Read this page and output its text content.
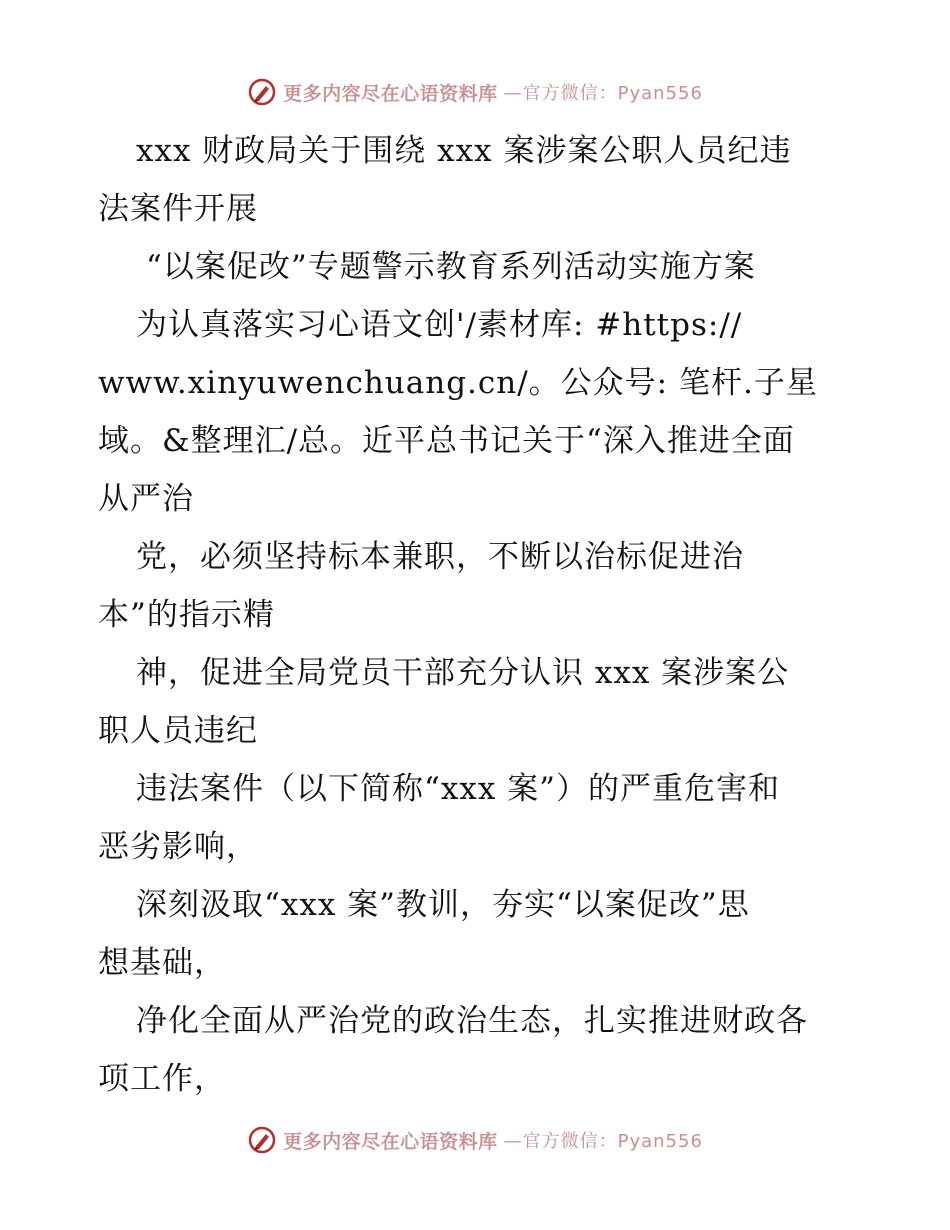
更多内容尽在心语资料库 —官方微信：Pyan556
xxx 财政局关于围绕 xxx 案涉案公职人员纪违
法案件开展
“以案促改”专题警示教育系列活动实施方案
为认真落实习心语文创'/素材库: #https://
www.xinyuwenchuang.cn/。公众号: 笔杆.子星
域。&整理汇/总。近平总书记关于“深入推进全面
从严治
党，必须坚持标本兼职，不断以治标促进治
本”的指示精
神，促进全局党员干部充分认识 xxx 案涉案公
职人员违纪
违法案件（以下简称“xxx 案”）的严重危害和
恶劣影响，
深刻汲取“xxx 案”教训，夯实“以案促改”思
想基础，
净化全面从严治党的政治生态，扎实推进财政各
项工作，
更多内容尽在心语资料库 —官方微信：Pyan556
